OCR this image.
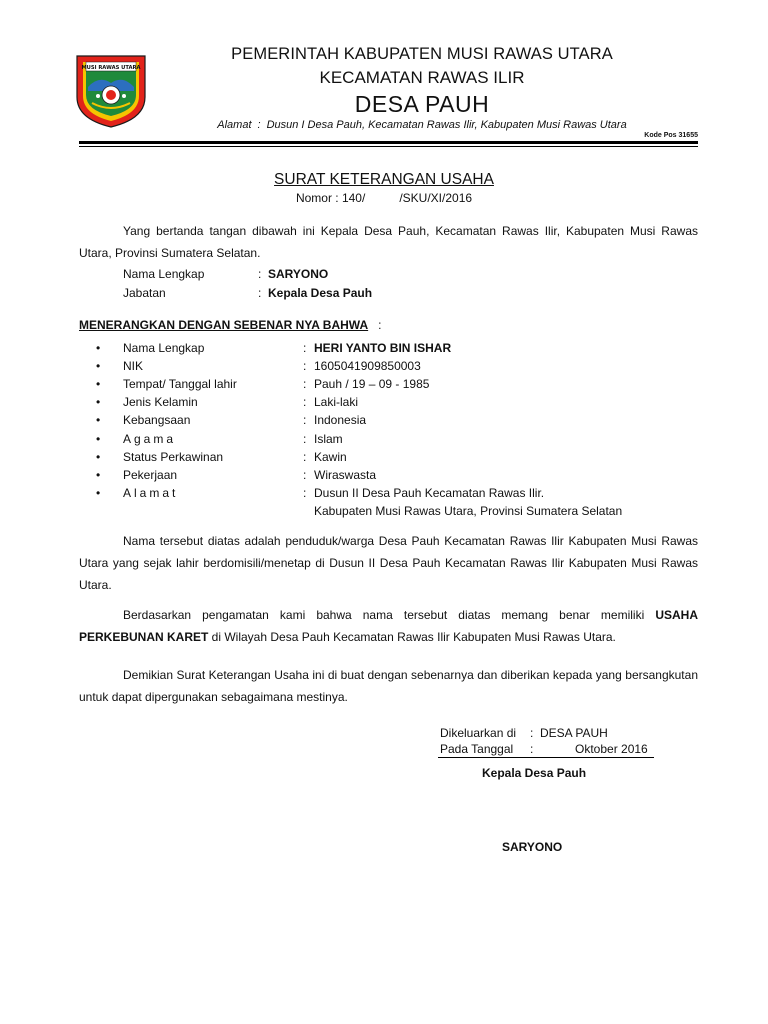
MUSI RAWAS UTARA
PEMERINTAH KABUPATEN MUSI RAWAS UTARA
KECAMATAN RAWAS ILIR
DESA PAUH
Alamat : Dusun I Desa Pauh, Kecamatan Rawas Ilir, Kabupaten Musi Rawas Utara
Kode Pos 31655
SURAT KETERANGAN USAHA
Nomor : 140/	/SKU/XI/2016
Yang bertanda tangan dibawah ini Kepala Desa Pauh, Kecamatan Rawas Ilir, Kabupaten Musi Rawas Utara, Provinsi Sumatera Selatan.
Nama Lengkap	: SARYONO
Jabatan	: Kepala Desa Pauh
MENERANGKAN DENGAN SEBENAR NYA BAHWA :
• Nama Lengkap	: HERI YANTO BIN ISHAR
• NIK	: 1605041909850003
• Tempat/ Tanggal lahir	: Pauh / 19 – 09 - 1985
• Jenis Kelamin	: Laki-laki
• Kebangsaan	: Indonesia
• Agama	: Islam
• Status Perkawinan	: Kawin
• Pekerjaan	: Wiraswasta
• Alamat	: Dusun II Desa Pauh Kecamatan Rawas Ilir.
Kabupaten Musi Rawas Utara, Provinsi Sumatera Selatan
Nama tersebut diatas adalah penduduk/warga Desa Pauh Kecamatan Rawas Ilir Kabupaten Musi Rawas Utara yang sejak lahir berdomisili/menetap di Dusun II Desa Pauh Kecamatan Rawas Ilir Kabupaten Musi Rawas Utara.
Berdasarkan pengamatan kami bahwa nama tersebut diatas memang benar memiliki USAHA PERKEBUNAN KARET di Wilayah Desa Pauh Kecamatan Rawas Ilir Kabupaten Musi Rawas Utara.
Demikian Surat Keterangan Usaha ini di buat dengan sebenarnya dan diberikan kepada yang bersangkutan untuk dapat dipergunakan sebagaimana mestinya.
Dikeluarkan di : DESA PAUH
Pada Tanggal :	Oktober 2016
Kepala Desa Pauh
SARYONO
